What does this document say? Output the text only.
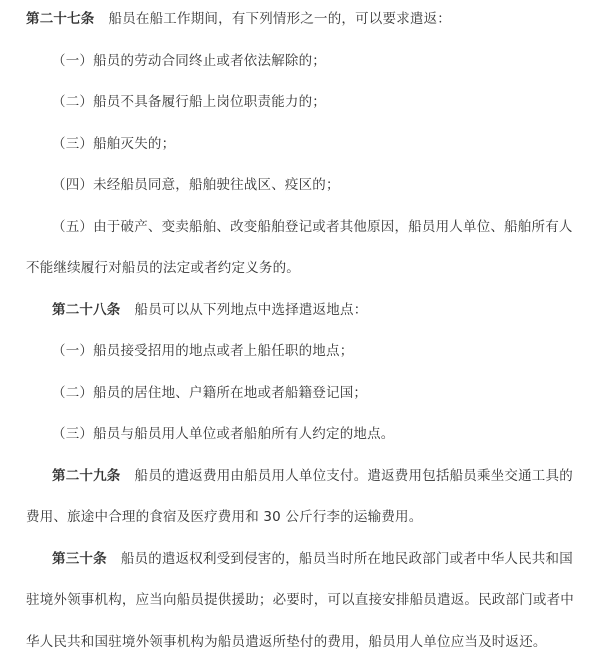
第二十七条 船员在船工作期间，有下列情形之一的，可以要求遣返：
（一）船员的劳动合同终止或者依法解除的；
（二）船员不具备履行船上岗位职责能力的；
（三）船舶灭失的；
（四）未经船员同意，船舶驶往战区、疫区的；
（五）由于破产、变卖船舶、改变船舶登记或者其他原因，船员用人单位、船舶所有人
不能继续履行对船员的法定或者约定义务的。
第二十八条 船员可以从下列地点中选择遣返地点：
（一）船员接受招用的地点或者上船任职的地点；
（二）船员的居住地、户籍所在地或者船籍登记国；
（三）船员与船员用人单位或者船舶所有人约定的地点。
第二十九条 船员的遣返费用由船员用人单位支付。遣返费用包括船员乘坐交通工具的
费用、旅途中合理的食宿及医疗费用和 30 公斤行李的运输费用。
第三十条 船员的遣返权利受到侵害的，船员当时所在地民政部门或者中华人民共和国
驻境外领事机构，应当向船员提供援助；必要时，可以直接安排船员遣返。民政部门或者中
华人民共和国驻境外领事机构为船员遣返所垫付的费用，船员用人单位应当及时返还。
